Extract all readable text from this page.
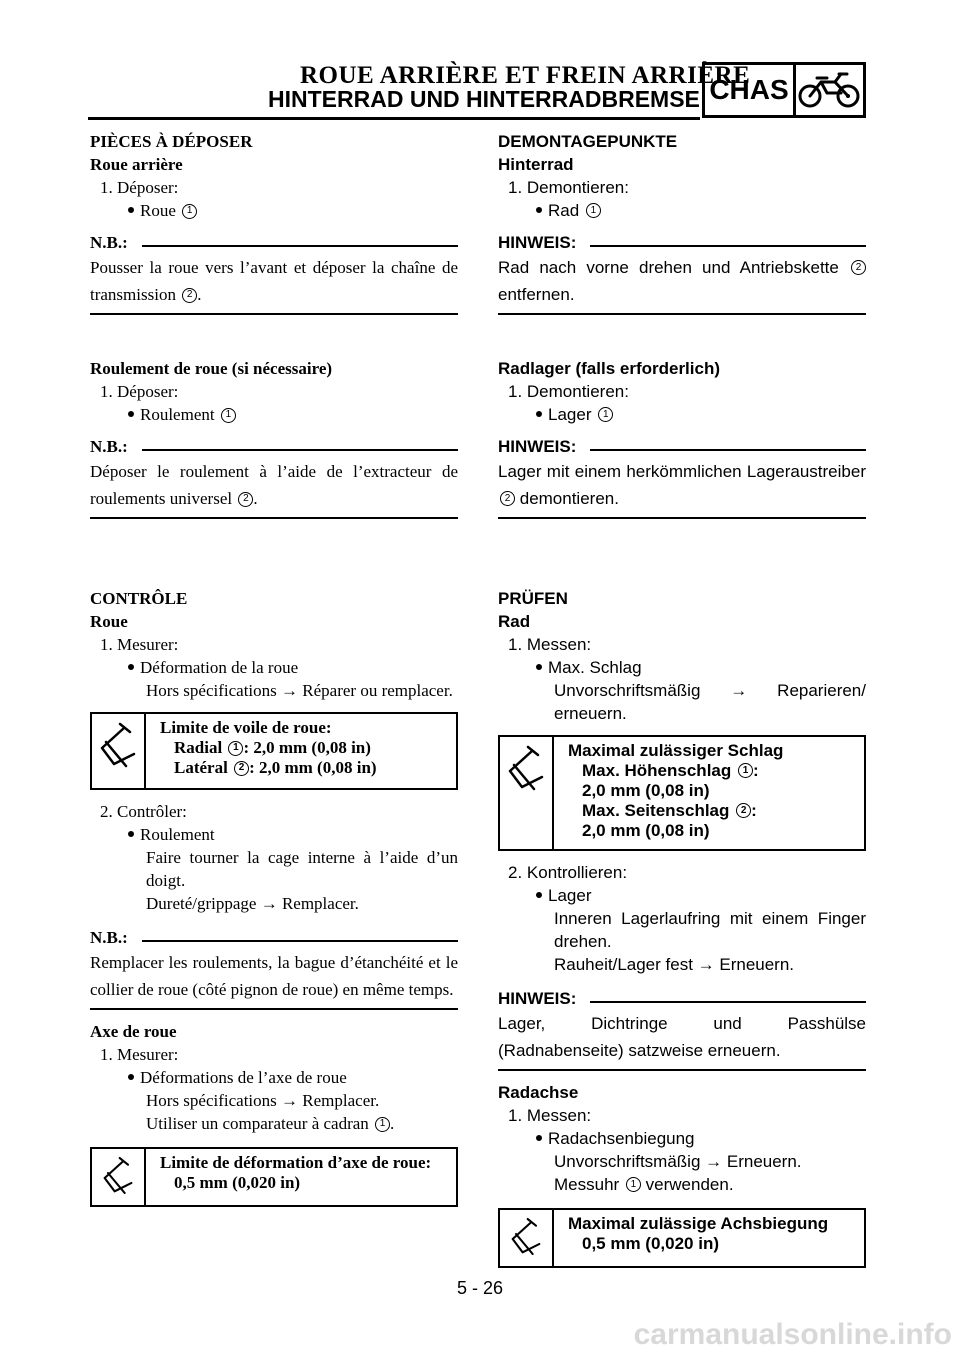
ROUE ARRIÈRE ET FREIN ARRIÈRE
HINTERRAD UND HINTERRADBREMSE CHAS
PIÈCES À DÉPOSER
Roue arrière
1. Déposer:
Roue 1
N.B.:
Pousser la roue vers l’avant et déposer la chaîne de transmission 2 .
Roulement de roue (si nécessaire)
1. Déposer:
Roulement 1
N.B.:
Déposer le roulement à l’aide de l’extracteur de roulements universel 2 .
CONTRÔLE
Roue
1. Mesurer:
Déformation de la roue
Hors spécifications → Réparer ou remplacer.
Limite de voile de roue:
Radial 1 : 2,0 mm (0,08 in)
Latéral 2 : 2,0 mm (0,08 in)
2. Contrôler:
Roulement
Faire tourner la cage interne à l’aide d’un doigt.
Dureté/grippage → Remplacer.
N.B.:
Remplacer les roulements, la bague d’étanchéité et le collier de roue (côté pignon de roue) en même temps.
Axe de roue
1. Mesurer:
Déformations de l’axe de roue
Hors spécifications → Remplacer.
Utiliser un comparateur à cadran 1 .
Limite de déformation d’axe de roue:
0,5 mm (0,020 in)
DEMONTAGEPUNKTE
Hinterrad
1. Demontieren:
Rad 1
HINWEIS:
Rad nach vorne drehen und Antriebskette 2 entfernen.
Radlager (falls erforderlich)
1. Demontieren:
Lager 1
HINWEIS:
Lager mit einem herkömmlichen Lageraustreiber 2 demontieren.
PRÜFEN
Rad
1. Messen:
Max. Schlag
Unvorschriftsmäßig → Reparieren/ erneuern.
Maximal zulässiger Schlag
Max. Höhenschlag 1 :
2,0 mm (0,08 in)
Max. Seitenschlag 2 :
2,0 mm (0,08 in)
2. Kontrollieren:
Lager
Inneren Lagerlaufring mit einem Finger drehen.
Rauheit/Lager fest → Erneuern.
HINWEIS:
Lager, Dichtringe und Passhülse (Radnabenseite) satzweise erneuern.
Radachse
1. Messen:
Radachsenbiegung
Unvorschriftsmäßig → Erneuern.
Messuhr 1 verwenden.
Maximal zulässige Achsbiegung
0,5 mm (0,020 in)
5 - 26
carmanualsonline.info
